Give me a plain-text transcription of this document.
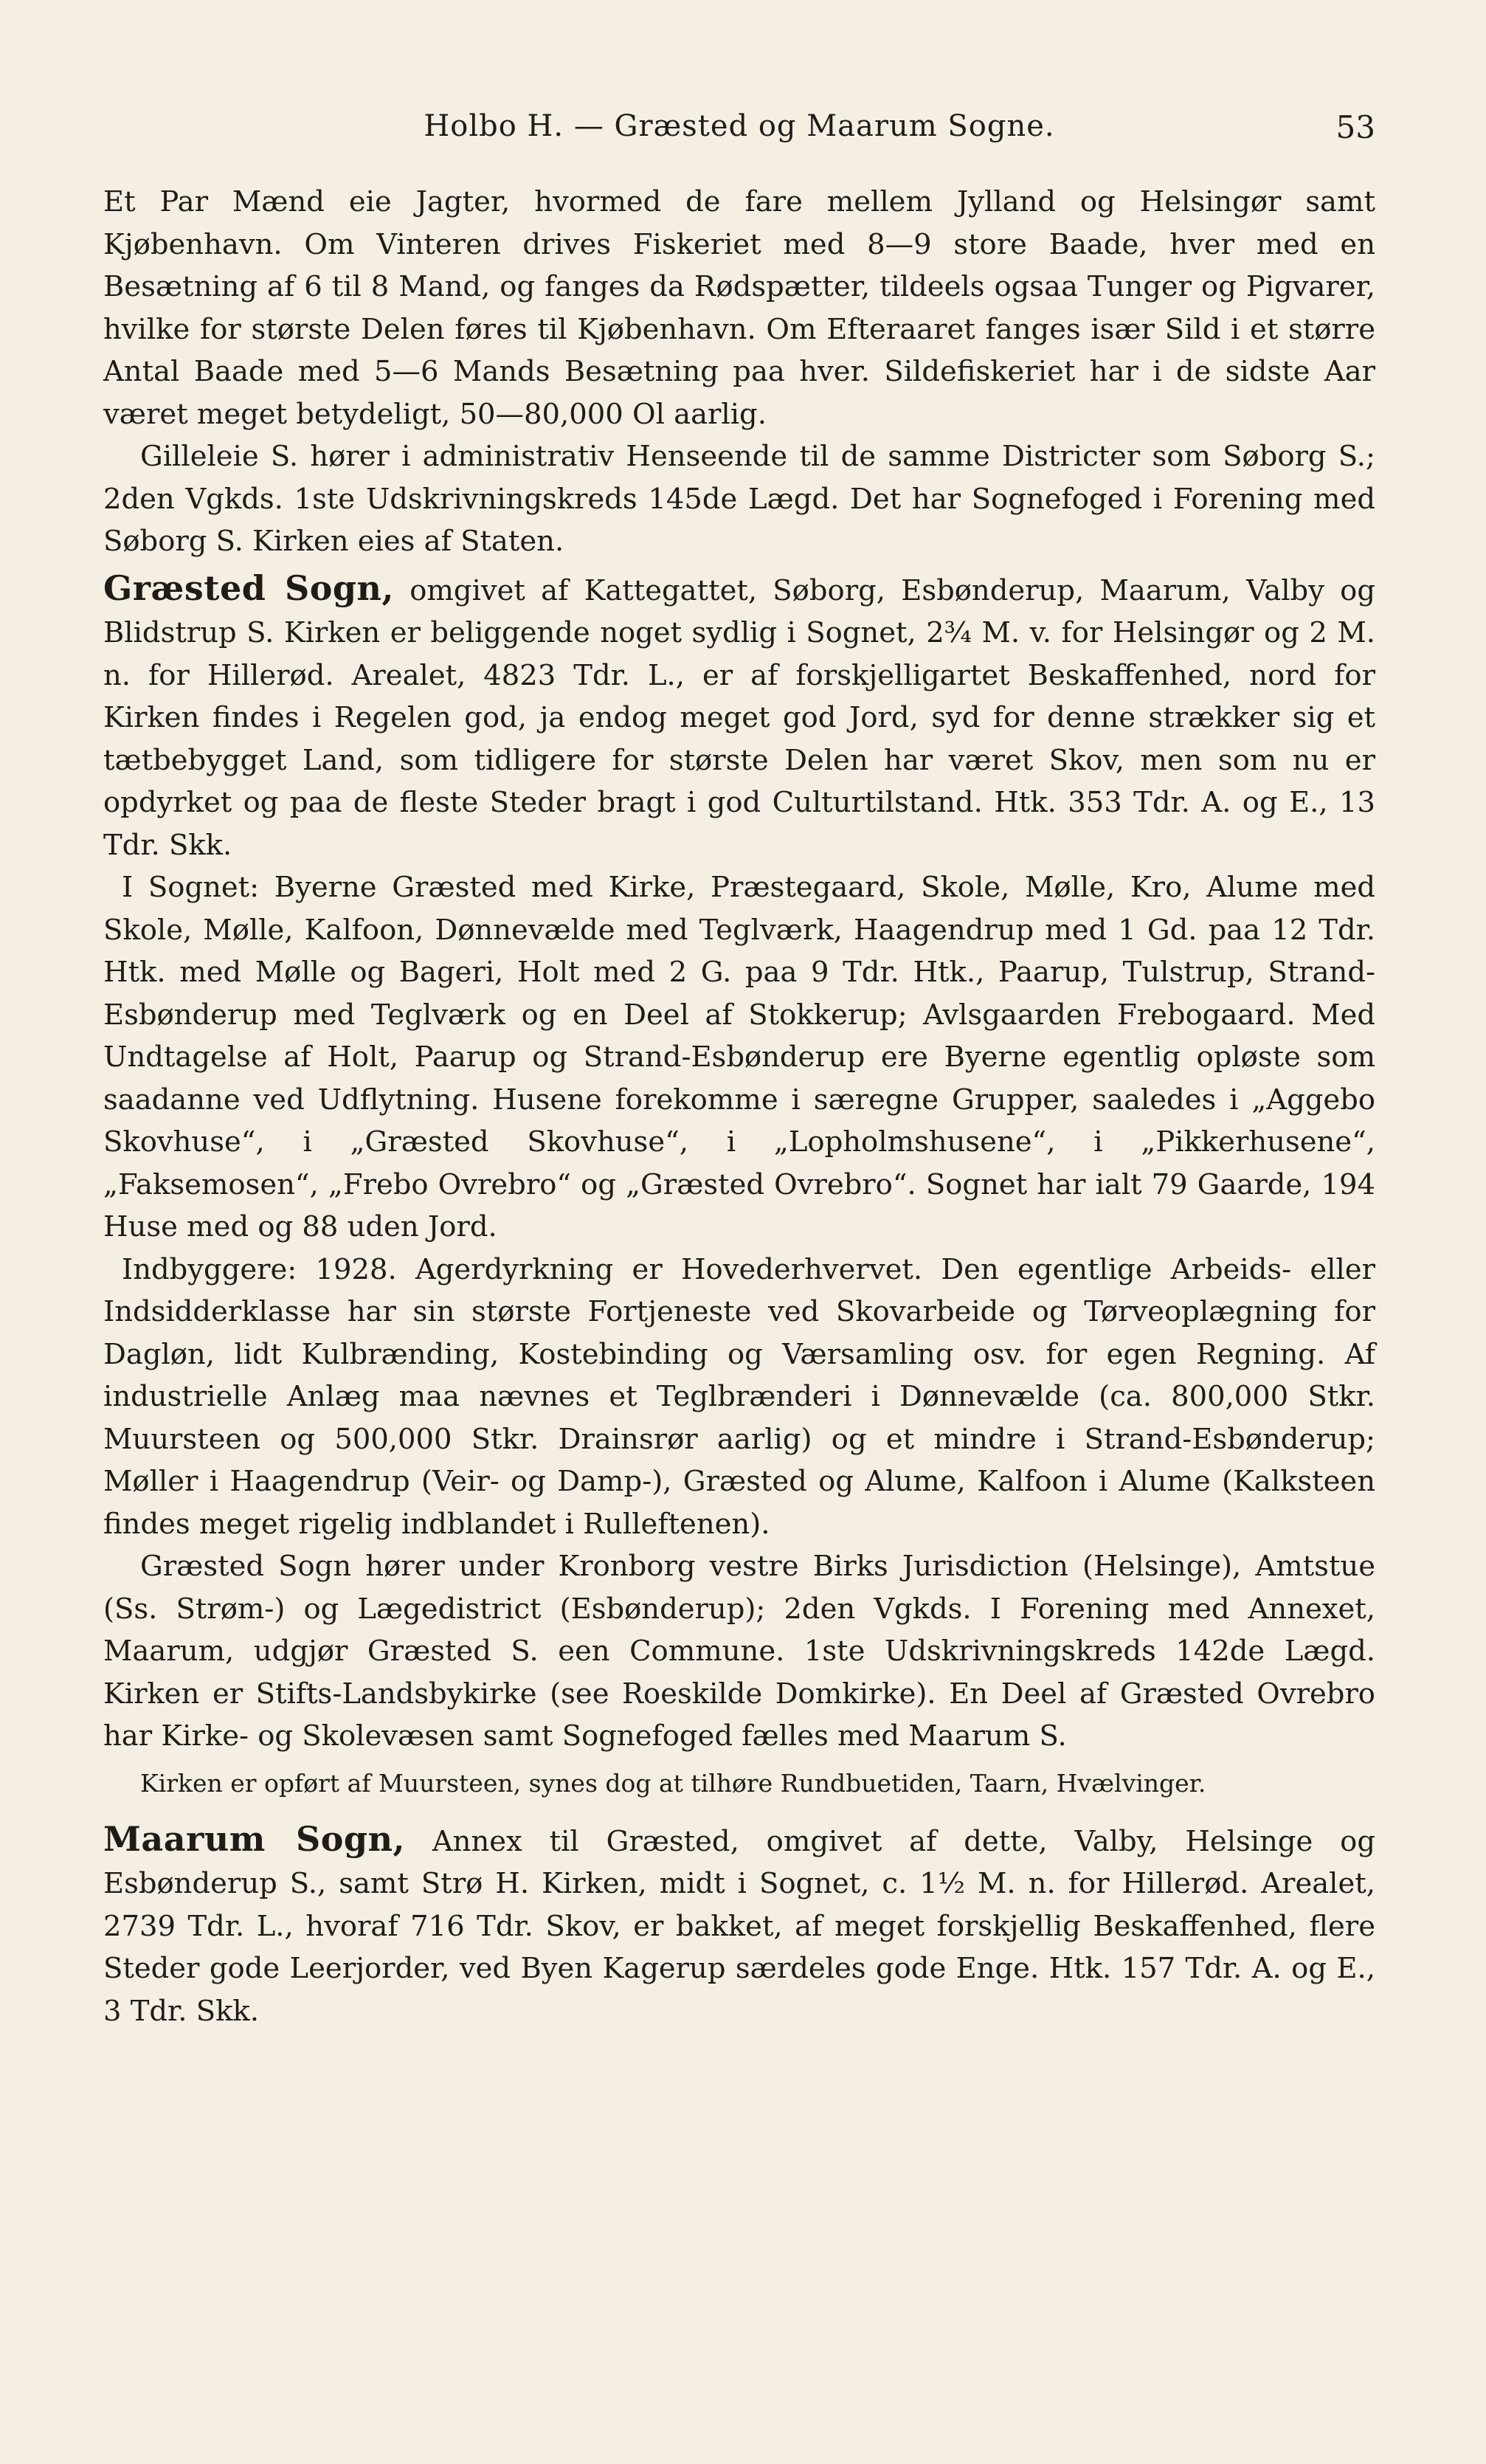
Holbo H. — Græsted og Maarum Sogne.	53

Et Par Mænd eie Jagter, hvormed de fare mellem Jylland og Helsingør samt Kjøbenhavn. Om Vinteren drives Fiskeriet med 8—9 store Baade, hver med en Besætning af 6 til 8 Mand, og fanges da Rødspætter, tildeels ogsaa Tunger og Pigvarer, hvilke for største Delen føres til Kjøbenhavn. Om Efteraaret fanges især Sild i et større Antal Baade med 5—6 Mands Besætning paa hver. Sildefiskeriet har i de sidste Aar været meget betydeligt, 50—80,000 Ol aarlig.

Gilleleie S. hører i administrativ Henseende til de samme Districter som Søborg S.; 2den Vgkds. 1ste Udskrivningskreds 145de Lægd. Det har Sognefoged i Forening med Søborg S. Kirken eies af Staten.

Græsted Sogn, omgivet af Kattegattet, Søborg, Esbønderup, Maarum, Valby og Blidstrup S. Kirken er beliggende noget sydlig i Sognet, 2¾ M. v. for Helsingør og 2 M. n. for Hillerød. Arealet, 4823 Tdr. L., er af forskjelligartet Beskaffenhed, nord for Kirken findes i Regelen god, ja endog meget god Jord, syd for denne strækker sig et tætbebygget Land, som tidligere for største Delen har været Skov, men som nu er opdyrket og paa de fleste Steder bragt i god Culturtilstand. Htk. 353 Tdr. A. og E., 13 Tdr. Skk.

I Sognet: Byerne Græsted med Kirke, Præstegaard, Skole, Mølle, Kro, Alume med Skole, Mølle, Kalfoon, Dønnevælde med Teglværk, Haagendrup med 1 Gd. paa 12 Tdr. Htk. med Mølle og Bageri, Holt med 2 G. paa 9 Tdr. Htk., Paarup, Tulstrup, Strand-Esbønderup med Teglværk og en Deel af Stokkerup; Avlsgaarden Frebogaard. Med Undtagelse af Holt, Paarup og Strand-Esbønderup ere Byerne egentlig opløste som saadanne ved Udflytning. Husene forekomme i særegne Grupper, saaledes i „Aggebo Skovhuse“, i „Græsted Skovhuse“, i „Lopholmshusene“, i „Pikkerhusene“, „Faksemosen“, „Frebo Ovrebro“ og „Græsted Ovrebro“. Sognet har ialt 79 Gaarde, 194 Huse med og 88 uden Jord.

Indbyggere: 1928. Agerdyrkning er Hovederhvervet. Den egentlige Arbeids- eller Indsidderklasse har sin største Fortjeneste ved Skovarbeide og Tørveoplægning for Dagløn, lidt Kulbrænding, Kostebinding og Værsamling osv. for egen Regning. Af industrielle Anlæg maa nævnes et Teglbrænderi i Dønnevælde (ca. 800,000 Stkr. Muursteen og 500,000 Stkr. Drainsrør aarlig) og et mindre i Strand-Esbønderup; Møller i Haagendrup (Veir- og Damp-), Græsted og Alume, Kalfoon i Alume (Kalksteen findes meget rigelig indblandet i Rulleftenen).

Græsted Sogn hører under Kronborg vestre Birks Jurisdiction (Helsinge), Amtstue (Ss. Strøm-) og Lægedistrict (Esbønderup); 2den Vgkds. I Forening med Annexet, Maarum, udgjør Græsted S. een Commune. 1ste Udskrivningskreds 142de Lægd. Kirken er Stifts-Landsbykirke (see Roeskilde Domkirke). En Deel af Græsted Ovrebro har Kirke- og Skolevæsen samt Sognefoged fælles med Maarum S.

Kirken er opført af Muursteen, synes dog at tilhøre Rundbuetiden, Taarn, Hvælvinger.

Maarum Sogn, Annex til Græsted, omgivet af dette, Valby, Helsinge og Esbønderup S., samt Strø H. Kirken, midt i Sognet, c. 1½ M. n. for Hillerød. Arealet, 2739 Tdr. L., hvoraf 716 Tdr. Skov, er bakket, af meget forskjellig Beskaffenhed, flere Steder gode Leerjorder, ved Byen Kagerup særdeles gode Enge. Htk. 157 Tdr. A. og E., 3 Tdr. Skk.
